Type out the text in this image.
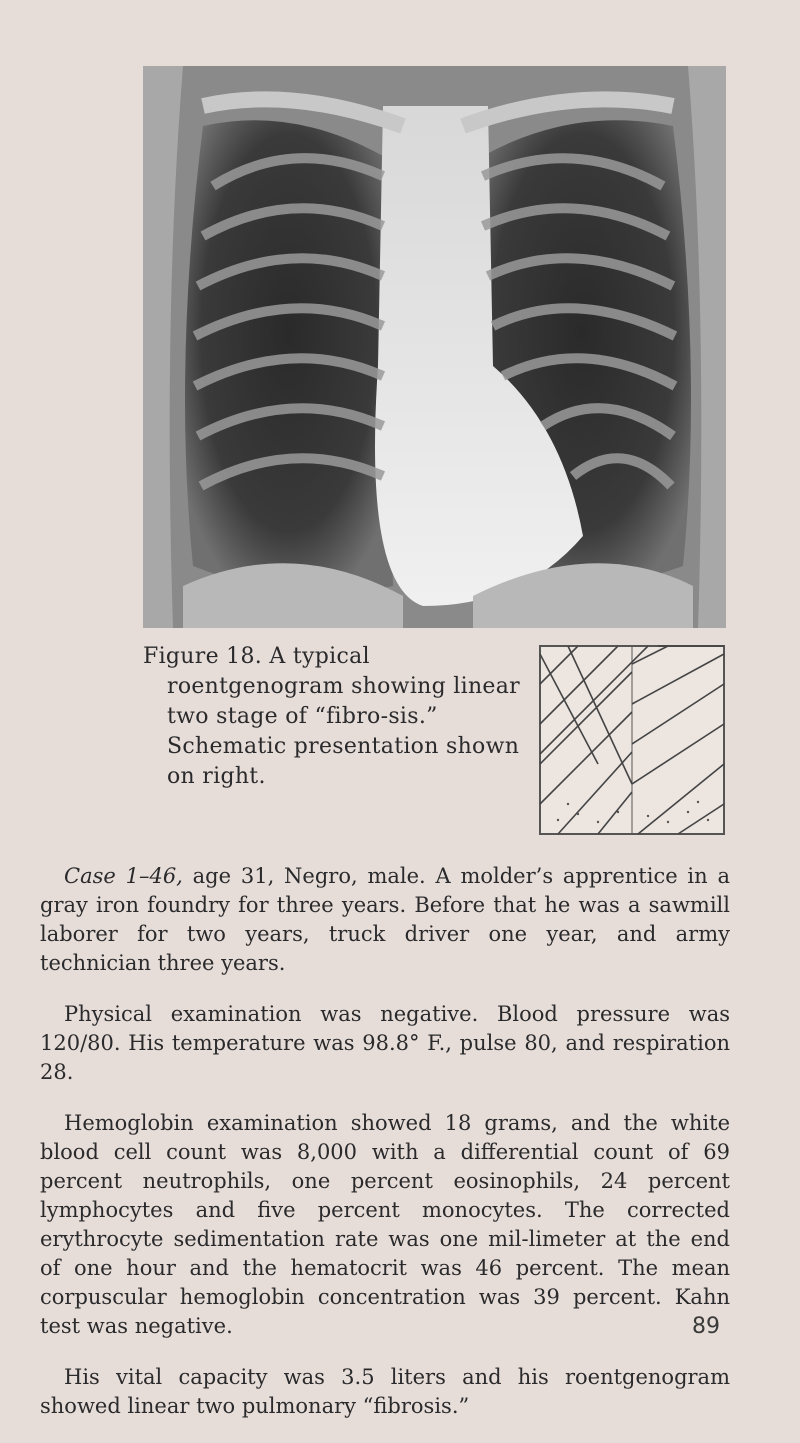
Figure 18. A typical roentgenogram showing linear two stage of “fibro-sis.” Schematic presentation shown on right.

Case 1–46, age 31, Negro, male. A molder’s apprentice in a gray iron foundry for three years. Before that he was a sawmill laborer for two years, truck driver one year, and army technician three years.

Physical examination was negative. Blood pressure was 120/80. His temperature was 98.8° F., pulse 80, and respiration 28.

Hemoglobin examination showed 18 grams, and the white blood cell count was 8,000 with a differential count of 69 percent neutrophils, one percent eosinophils, 24 percent lymphocytes and five percent monocytes. The corrected erythrocyte sedimentation rate was one mil-limeter at the end of one hour and the hematocrit was 46 percent. The mean corpuscular hemoglobin concentration was 39 percent. Kahn test was negative.

His vital capacity was 3.5 liters and his roentgenogram showed linear two pulmonary “fibrosis.”

89
